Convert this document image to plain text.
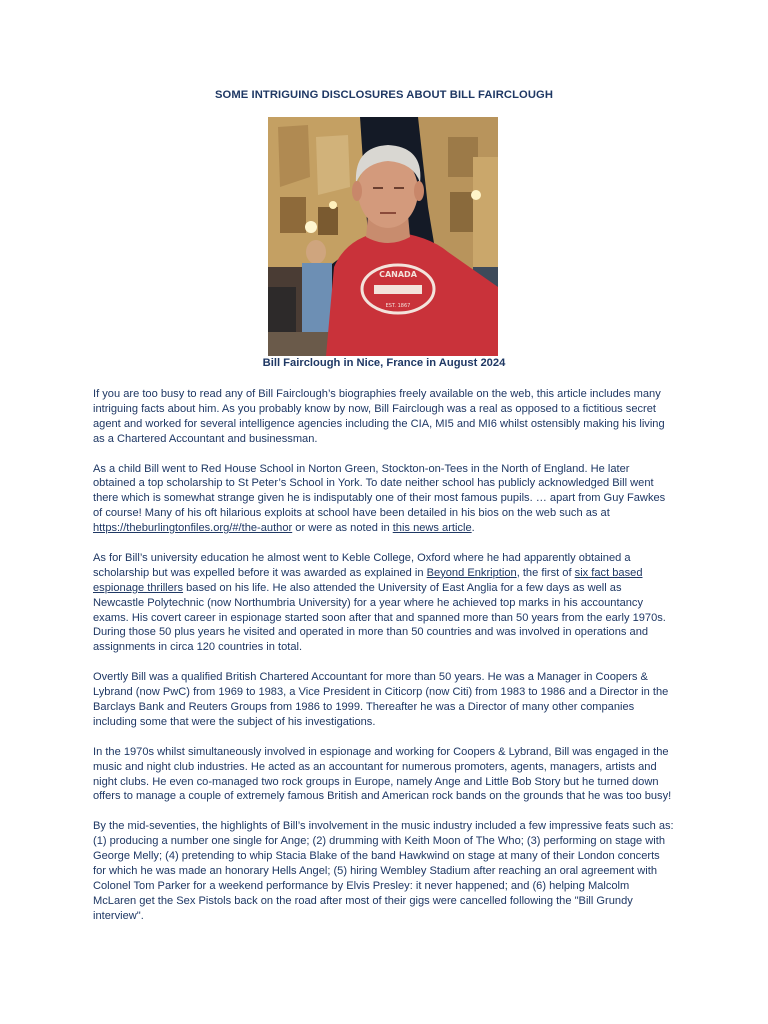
SOME INTRIGUING DISCLOSURES ABOUT BILL FAIRCLOUGH
CANADA
EST. 1867
Bill Fairclough in Nice, France in August 2024

If you are too busy to read any of Bill Fairclough’s biographies freely available on the web, this article includes many intriguing facts about him. As you probably know by now, Bill Fairclough was a real as opposed to a fictitious secret agent and worked for several intelligence agencies including the CIA, MI5 and MI6 whilst ostensibly making his living as a Chartered Accountant and businessman.

As a child Bill went to Red House School in Norton Green, Stockton-on-Tees in the North of England. He later obtained a top scholarship to St Peter’s School in York. To date neither school has publicly acknowledged Bill went there which is somewhat strange given he is indisputably one of their most famous pupils. … apart from Guy Fawkes of course! Many of his oft hilarious exploits at school have been detailed in his bios on the web such as at https://theburlingtonfiles.org/#/the-author or were as noted in this news article.

As for Bill’s university education he almost went to Keble College, Oxford where he had apparently obtained a scholarship but was expelled before it was awarded as explained in Beyond Enkription, the first of six fact based espionage thrillers based on his life. He also attended the University of East Anglia for a few days as well as Newcastle Polytechnic (now Northumbria University) for a year where he achieved top marks in his accountancy exams. His covert career in espionage started soon after that and spanned more than 50 years from the early 1970s. During those 50 plus years he visited and operated in more than 50 countries and was involved in operations and assignments in circa 120 countries in total.

Overtly Bill was a qualified British Chartered Accountant for more than 50 years. He was a Manager in Coopers & Lybrand (now PwC) from 1969 to 1983, a Vice President in Citicorp (now Citi) from 1983 to 1986 and a Director in the Barclays Bank and Reuters Groups from 1986 to 1999. Thereafter he was a Director of many other companies including some that were the subject of his investigations.

In the 1970s whilst simultaneously involved in espionage and working for Coopers & Lybrand, Bill was engaged in the music and night club industries. He acted as an accountant for numerous promoters, agents, managers, artists and night clubs. He even co-managed two rock groups in Europe, namely Ange and Little Bob Story but he turned down offers to manage a couple of extremely famous British and American rock bands on the grounds that he was too busy!

By the mid-seventies, the highlights of Bill’s involvement in the music industry included a few impressive feats such as: (1) producing a number one single for Ange; (2) drumming with Keith Moon of The Who; (3) performing on stage with George Melly; (4) pretending to whip Stacia Blake of the band Hawkwind on stage at many of their London concerts for which he was made an honorary Hells Angel; (5) hiring Wembley Stadium after reaching an oral agreement with Colonel Tom Parker for a weekend performance by Elvis Presley: it never happened; and (6) helping Malcolm McLaren get the Sex Pistols back on the road after most of their gigs were cancelled following the "Bill Grundy interview".
